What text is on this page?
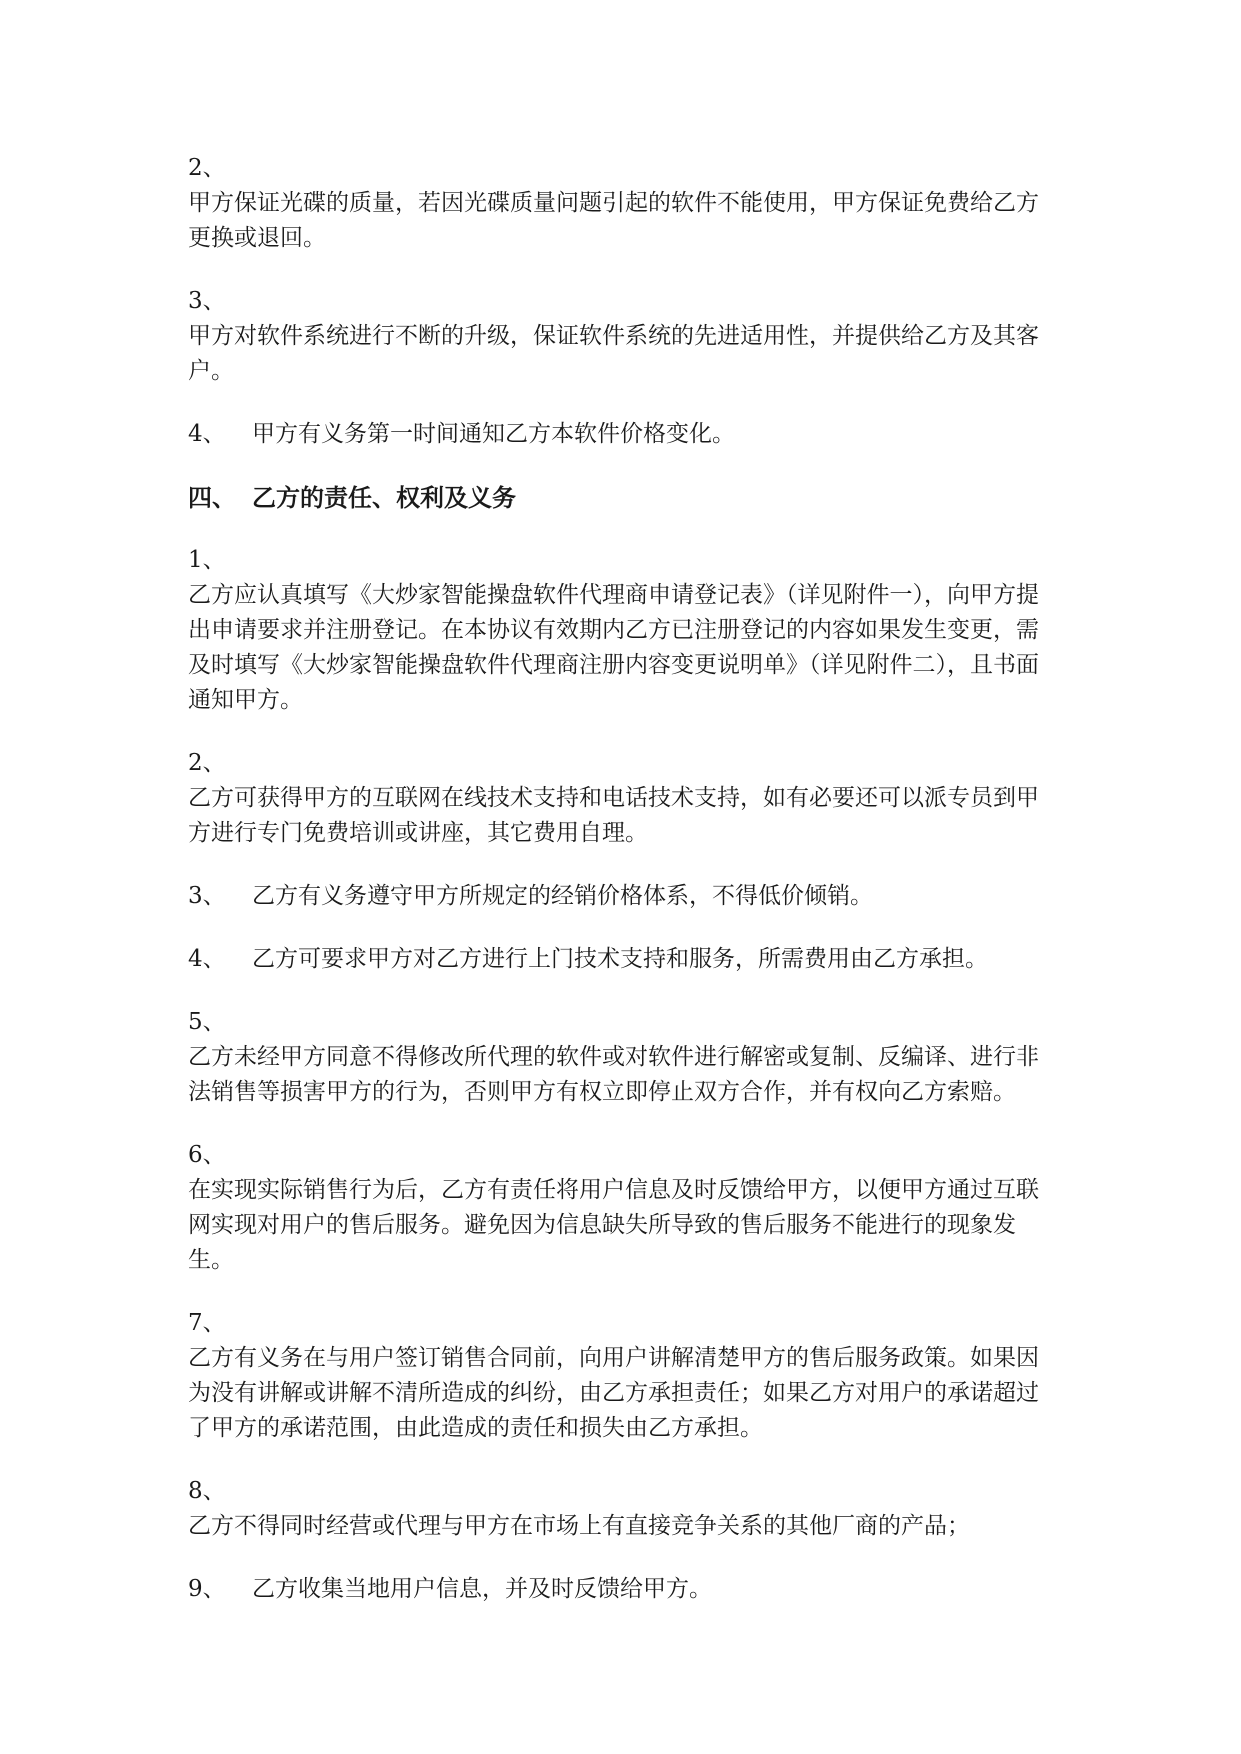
2、
甲方保证光碟的质量，若因光碟质量问题引起的软件不能使用，甲方保证免费给乙方更换或退回。
3、
甲方对软件系统进行不断的升级，保证软件系统的先进适用性，并提供给乙方及其客户。
4、 甲方有义务第一时间通知乙方本软件价格变化。
四、 乙方的责任、权利及义务
1、
乙方应认真填写《大炒家智能操盘软件代理商申请登记表》（详见附件一），向甲方提出申请要求并注册登记。在本协议有效期内乙方已注册登记的内容如果发生变更，需及时填写《大炒家智能操盘软件代理商注册内容变更说明单》（详见附件二），且书面通知甲方。
2、
乙方可获得甲方的互联网在线技术支持和电话技术支持，如有必要还可以派专员到甲方进行专门免费培训或讲座，其它费用自理。
3、 乙方有义务遵守甲方所规定的经销价格体系，不得低价倾销。
4、 乙方可要求甲方对乙方进行上门技术支持和服务，所需费用由乙方承担。
5、
乙方未经甲方同意不得修改所代理的软件或对软件进行解密或复制、反编译、进行非法销售等损害甲方的行为，否则甲方有权立即停止双方合作，并有权向乙方索赔。
6、
在实现实际销售行为后，乙方有责任将用户信息及时反馈给甲方，以便甲方通过互联网实现对用户的售后服务。避免因为信息缺失所导致的售后服务不能进行的现象发生。
7、
乙方有义务在与用户签订销售合同前，向用户讲解清楚甲方的售后服务政策。如果因为没有讲解或讲解不清所造成的纠纷，由乙方承担责任；如果乙方对用户的承诺超过了甲方的承诺范围，由此造成的责任和损失由乙方承担。
8、
乙方不得同时经营或代理与甲方在市场上有直接竞争关系的其他厂商的产品；
9、 乙方收集当地用户信息，并及时反馈给甲方。
